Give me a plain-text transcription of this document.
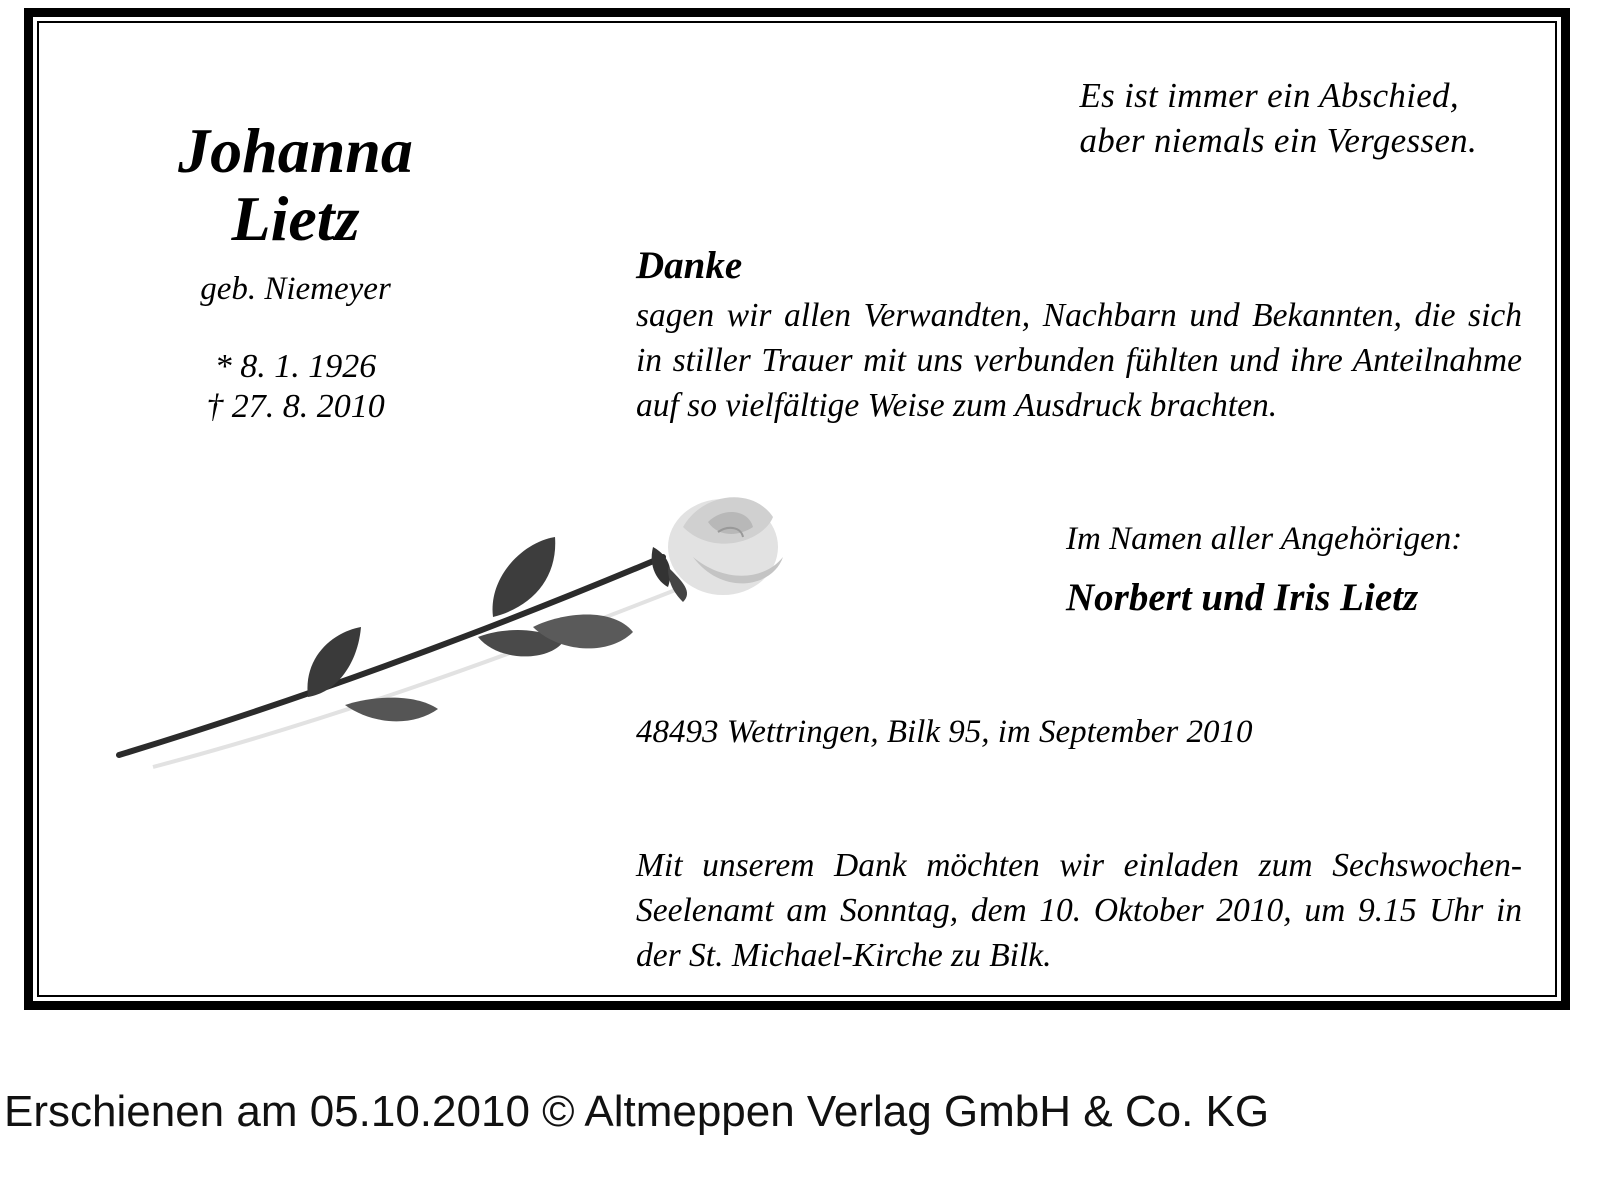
Es ist immer ein Abschied,
aber niemals ein Vergessen.
Johanna
Lietz
geb. Niemeyer
* 8. 1. 1926
† 27. 8. 2010
Danke
sagen wir allen Verwandten, Nachbarn und Bekannten, die sich in stiller Trauer mit uns verbunden fühlten und ihre Anteilnahme auf so vielfältige Weise zum Ausdruck brachten.
Im Namen aller Angehörigen:
Norbert und Iris Lietz
48493 Wettringen, Bilk 95, im September 2010
Mit unserem Dank möchten wir einladen zum Sechswochen-Seelenamt am Sonntag, dem 10. Oktober 2010, um 9.15 Uhr in der St. Michael-Kirche zu Bilk.
Erschienen am 05.10.2010 © Altmeppen Verlag GmbH & Co. KG
